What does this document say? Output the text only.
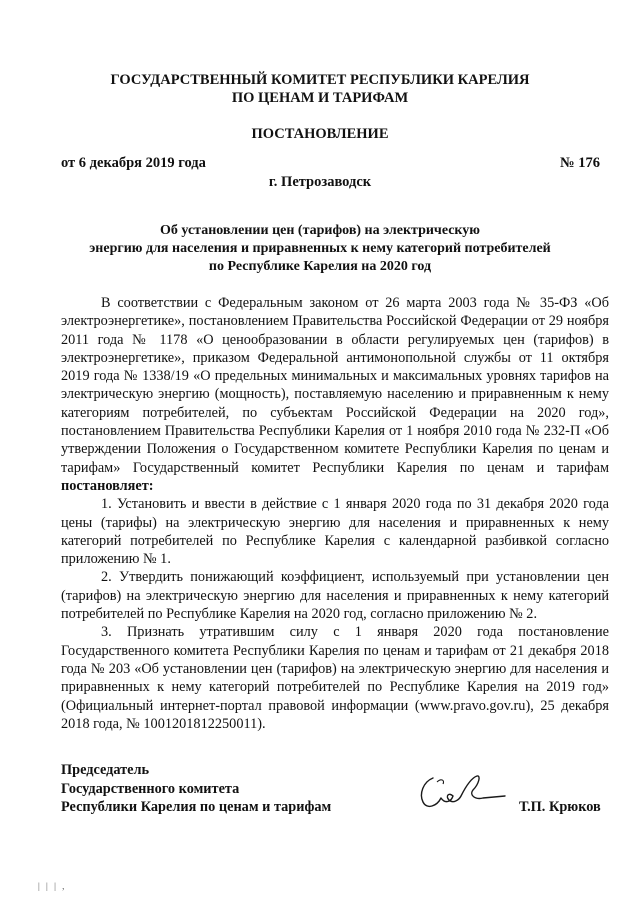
ГОСУДАРСТВЕННЫЙ КОМИТЕТ РЕСПУБЛИКИ КАРЕЛИЯ
ПО ЦЕНАМ И ТАРИФАМ
ПОСТАНОВЛЕНИЕ
от 6 декабря 2019 года	№ 176
г. Петрозаводск
Об установлении цен (тарифов) на электрическую
энергию для населения и приравненных к нему категорий потребителей
по Республике Карелия на 2020 год

В соответствии с Федеральным законом от 26 марта 2003 года № 35-ФЗ «Об электроэнергетике», постановлением Правительства Российской Федерации от 29 ноября 2011 года № 1178 «О ценообразовании в области регулируемых цен (тарифов) в электроэнергетике», приказом Федеральной антимонопольной службы от 11 октября 2019 года № 1338/19 «О предельных минимальных и максимальных уровнях тарифов на электрическую энергию (мощность), поставляемую населению и приравненным к нему категориям потребителей, по субъектам Российской Федерации на 2020 год», постановлением Правительства Республики Карелия от 1 ноября 2010 года № 232-П «Об утверждении Положения о Государственном комитете Республики Карелия по ценам и тарифам» Государственный комитет Республики Карелия по ценам и тарифам постановляет:

1. Установить и ввести в действие с 1 января 2020 года по 31 декабря 2020 года цены (тарифы) на электрическую энергию для населения и приравненных к нему категорий потребителей по Республике Карелия с календарной разбивкой согласно приложению № 1.

2. Утвердить понижающий коэффициент, используемый при установлении цен (тарифов) на электрическую энергию для населения и приравненных к нему категорий потребителей по Республике Карелия на 2020 год, согласно приложению № 2.

3. Признать утратившим силу с 1 января 2020 года постановление Государственного комитета Республики Карелия по ценам и тарифам от 21 декабря 2018 года № 203 «Об установлении цен (тарифов) на электрическую энергию для населения и приравненных к нему категорий потребителей по Республике Карелия на 2019 год» (Официальный интернет-портал правовой информации (www.pravo.gov.ru), 25 декабря 2018 года, № 1001201812250011).

Председатель
Государственного комитета
Республики Карелия по ценам и тарифам	Т.П. Крюков
| | | ,
